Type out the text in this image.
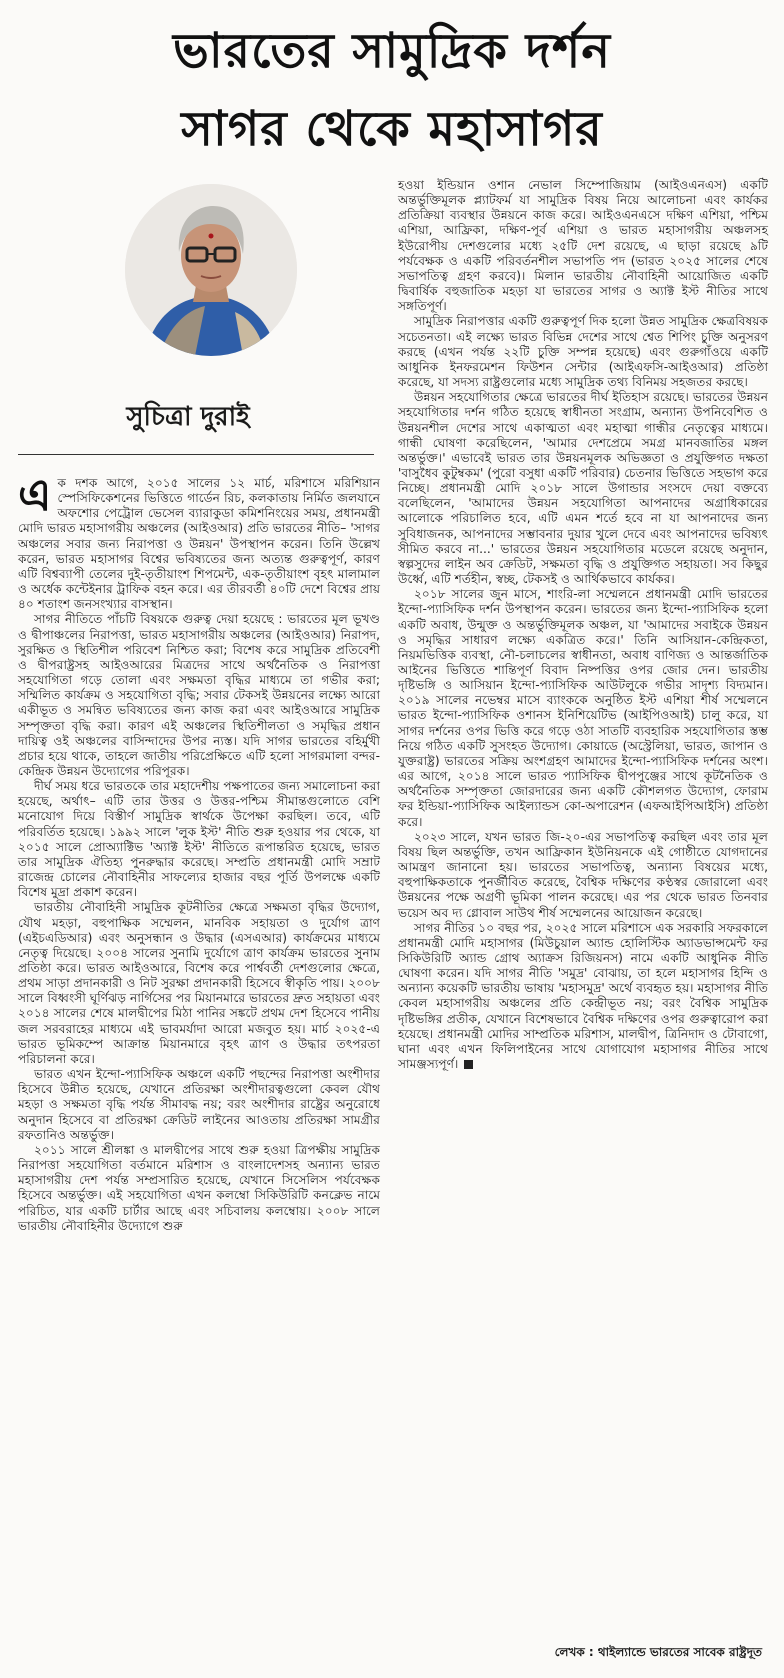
ভারতের সামুদ্রিক দর্শন
সাগর থেকে মহাসাগর
সুচিত্রা দুরাই

এক দশক আগে, ২০১৫ সালের ১২ মার্চ, মরিশাসে মরিশিয়ান স্পেসিফিকেশনের ভিত্তিতে গার্ডেন রিচ, কলকাতায় নির্মিত জলযানে অফশোর পেট্রোল ভেসেল ব্যারাকুডা কমিশনিংয়ের সময়, প্রধানমন্ত্রী মোদি ভারত মহাসাগরীয় অঞ্চলের (আইওআর) প্রতি ভারতের নীতি– 'সাগর অঞ্চলের সবার জন্য নিরাপত্তা ও উন্নয়ন' উপস্থাপন করেন। তিনি উল্লেখ করেন, ভারত মহাসাগর বিশ্বের ভবিষ্যতের জন্য অত্যন্ত গুরুত্বপূর্ণ, কারণ এটি বিশ্বব্যাপী তেলের দুই-তৃতীয়াংশ শিপমেন্ট, এক-তৃতীয়াংশ বৃহৎ মালামাল ও অর্ধেক কন্টেইনার ট্রাফিক বহন করে। এর তীরবর্তী ৪০টি দেশে বিশ্বের প্রায় ৪০ শতাংশ জনসংখ্যার বাসস্থান।

সাগর নীতিতে পাঁচটি বিষয়কে গুরুত্ব দেয়া হয়েছে : ভারতের মূল ভূখণ্ড ও দ্বীপাঞ্চলের নিরাপত্তা, ভারত মহাসাগরীয় অঞ্চলের (আইওআর) নিরাপদ, সুরক্ষিত ও স্থিতিশীল পরিবেশ নিশ্চিত করা; বিশেষ করে সামুদ্রিক প্রতিবেশী ও দ্বীপরাষ্ট্রসহ আইওআরের মিত্রদের সাথে অর্থনৈতিক ও নিরাপত্তা সহযোগিতা গড়ে তোলা এবং সক্ষমতা বৃদ্ধির মাধ্যমে তা গভীর করা; সম্মিলিত কার্যক্রম ও সহযোগিতা বৃদ্ধি; সবার টেকসই উন্নয়নের লক্ষ্যে আরো একীভূত ও সমন্বিত ভবিষ্যতের জন্য কাজ করা এবং আইওআরে সামুদ্রিক সম্পৃক্ততা বৃদ্ধি করা। কারণ এই অঞ্চলের স্থিতিশীলতা ও সমৃদ্ধির প্রধান দায়িত্ব ওই অঞ্চলের বাসিন্দাদের উপর ন্যস্ত। যদি সাগর ভারতের বহির্মুখী প্রচার হয়ে থাকে, তাহলে জাতীয় পরিপ্রেক্ষিতে এটি হলো সাগরমালা বন্দর-কেন্দ্রিক উন্নয়ন উদ্যোগের পরিপূরক।

দীর্ঘ সময় ধরে ভারতকে তার মহাদেশীয় পক্ষপাতের জন্য সমালোচনা করা হয়েছে, অর্থাৎ– এটি তার উত্তর ও উত্তর-পশ্চিম সীমান্তগুলোতে বেশি মনোযোগ দিয়ে বিস্তীর্ণ সামুদ্রিক স্বার্থকে উপেক্ষা করছিল। তবে, এটি পরিবর্তিত হয়েছে। ১৯৯২ সালে 'লুক ইস্ট' নীতি শুরু হওয়ার পর থেকে, যা ২০১৫ সালে প্রোঅ্যাক্টিভ 'অ্যাক্ট ইস্ট' নীতিতে রূপান্তরিত হয়েছে, ভারত তার সামুদ্রিক ঐতিহ্য পুনরুদ্ধার করেছে। সম্প্রতি প্রধানমন্ত্রী মোদি সম্রাট রাজেন্দ্র চোলের নৌবাহিনীর সাফল্যের হাজার বছর পূর্তি উপলক্ষে একটি বিশেষ মুদ্রা প্রকাশ করেন।

ভারতীয় নৌবাহিনী সামুদ্রিক কূটনীতির ক্ষেত্রে সক্ষমতা বৃদ্ধির উদ্যোগ, যৌথ মহড়া, বহুপাক্ষিক সম্মেলন, মানবিক সহায়তা ও দুর্যোগ ত্রাণ (এইচএডিআর) এবং অনুসন্ধান ও উদ্ধার (এসএআর) কার্যক্রমের মাধ্যমে নেতৃত্ব দিয়েছে। ২০০৪ সালের সুনামি দুর্যোগে ত্রাণ কার্যক্রম ভারতের সুনাম প্রতিষ্ঠা করে। ভারত আইওআরে, বিশেষ করে পার্শ্ববর্তী দেশগুলোর ক্ষেত্রে, প্রথম সাড়া প্রদানকারী ও নিট সুরক্ষা প্রদানকারী হিসেবে স্বীকৃতি পায়। ২০০৮ সালে বিধ্বংসী ঘূর্ণিঝড় নার্গিসের পর মিয়ানমারে ভারতের দ্রুত সহায়তা এবং ২০১৪ সালের শেষে মালদ্বীপের মিঠা পানির সঙ্কটে প্রথম দেশ হিসেবে পানীয় জল সরবরাহের মাধ্যমে এই ভাবমর্যাদা আরো মজবুত হয়। মার্চ ২০২৫-এ ভারত ভূমিকম্পে আক্রান্ত মিয়ানমারে বৃহৎ ত্রাণ ও উদ্ধার তৎপরতা পরিচালনা করে।

ভারত এখন ইন্দো-প্যাসিফিক অঞ্চলে একটি পছন্দের নিরাপত্তা অংশীদার হিসেবে উন্নীত হয়েছে, যেখানে প্রতিরক্ষা অংশীদারত্বগুলো কেবল যৌথ মহড়া ও সক্ষমতা বৃদ্ধি পর্যন্ত সীমাবদ্ধ নয়; বরং অংশীদার রাষ্ট্রের অনুরোধে অনুদান হিসেবে বা প্রতিরক্ষা ক্রেডিট লাইনের আওতায় প্রতিরক্ষা সামগ্রীর রফতানিও অন্তর্ভুক্ত।

২০১১ সালে শ্রীলঙ্কা ও মালদ্বীপের সাথে শুরু হওয়া ত্রিপক্ষীয় সামুদ্রিক নিরাপত্তা সহযোগিতা বর্তমানে মরিশাস ও বাংলাদেশসহ অন্যান্য ভারত মহাসাগরীয় দেশ পর্যন্ত সম্প্রসারিত হয়েছে, যেখানে সিসেলিস পর্যবেক্ষক হিসেবে অন্তর্ভুক্ত। এই সহযোগিতা এখন কলম্বো সিকিউরিটি কনক্লেভ নামে পরিচিত, যার একটি চার্টার আছে এবং সচিবালয় কলম্বোয়। ২০০৮ সালে ভারতীয় নৌবাহিনীর উদ্যোগে শুরু

হওয়া ইন্ডিয়ান ওশান নেভাল সিম্পোজিয়াম (আইওএনএস) একটি অন্তর্ভুক্তিমূলক প্ল্যাটফর্ম যা সামুদ্রিক বিষয় নিয়ে আলোচনা এবং কার্যকর প্রতিক্রিয়া ব্যবস্থার উন্নয়নে কাজ করে। আইওএনএসে দক্ষিণ এশিয়া, পশ্চিম এশিয়া, আফ্রিকা, দক্ষিণ-পূর্ব এশিয়া ও ভারত মহাসাগরীয় অঞ্চলসহ ইউরোপীয় দেশগুলোর মধ্যে ২৫টি দেশ রয়েছে, এ ছাড়া রয়েছে ৯টি পর্যবেক্ষক ও একটি পরিবর্তনশীল সভাপতি পদ (ভারত ২০২৫ সালের শেষে সভাপতিত্ব গ্রহণ করবে)। মিলান ভারতীয় নৌবাহিনী আয়োজিত একটি দ্বিবার্ষিক বহুজাতিক মহড়া যা ভারতের সাগর ও অ্যাক্ট ইস্ট নীতির সাথে সঙ্গতিপূর্ণ।

সামুদ্রিক নিরাপত্তার একটি গুরুত্বপূর্ণ দিক হলো উন্নত সামুদ্রিক ক্ষেত্রবিষয়ক সচেতনতা। এই লক্ষ্যে ভারত বিভিন্ন দেশের সাথে শ্বেত শিপিং চুক্তি অনুসরণ করছে (এখন পর্যন্ত ২২টি চুক্তি সম্পন্ন হয়েছে) এবং গুরুগাঁওয়ে একটি আধুনিক ইনফরমেশন ফিউশন সেন্টার (আইএফসি-আইওআর) প্রতিষ্ঠা করেছে, যা সদস্য রাষ্ট্রগুলোর মধ্যে সামুদ্রিক তথ্য বিনিময় সহজতর করছে।

উন্নয়ন সহযোগিতার ক্ষেত্রে ভারতের দীর্ঘ ইতিহাস রয়েছে। ভারতের উন্নয়ন সহযোগিতার দর্শন গঠিত হয়েছে স্বাধীনতা সংগ্রাম, অন্যান্য উপনিবেশিত ও উন্নয়নশীল দেশের সাথে একাত্মতা এবং মহাত্মা গান্ধীর নেতৃত্বের মাধ্যমে। গান্ধী ঘোষণা করেছিলেন, 'আমার দেশপ্রেমে সমগ্র মানবজাতির মঙ্গল অন্তর্ভুক্ত।' এভাবেই ভারত তার উন্নয়নমূলক অভিজ্ঞতা ও প্রযুক্তিগত দক্ষতা 'বাসুধৈব কুটুম্বকম' (পুরো বসুধা একটি পরিবার) চেতনার ভিত্তিতে সহভাগ করে নিচ্ছে। প্রধানমন্ত্রী মোদি ২০১৮ সালে উগান্ডার সংসদে দেয়া বক্তব্যে বলেছিলেন, 'আমাদের উন্নয়ন সহযোগিতা আপনাদের অগ্রাধিকারের আলোকে পরিচালিত হবে, এটি এমন শর্তে হবে না যা আপনাদের জন্য সুবিধাজনক, আপনাদের সম্ভাবনার দুয়ার খুলে দেবে এবং আপনাদের ভবিষ্যৎ সীমিত করবে না...' ভারতের উন্নয়ন সহযোগিতার মডেলে রয়েছে অনুদান, স্বল্পসুদের লাইন অব ক্রেডিট, সক্ষমতা বৃদ্ধি ও প্রযুক্তিগত সহায়তা। সব কিছুর উর্ধ্বে, এটি শর্তহীন, স্বচ্ছ, টেকসই ও আর্থিকভাবে কার্যকর।

২০১৮ সালের জুন মাসে, শাংরি-লা সম্মেলনে প্রধানমন্ত্রী মোদি ভারতের ইন্দো-প্যাসিফিক দর্শন উপস্থাপন করেন। ভারতের জন্য ইন্দো-প্যাসিফিক হলো একটি অবাধ, উন্মুক্ত ও অন্তর্ভুক্তিমূলক অঞ্চল, যা 'আমাদের সবাইকে উন্নয়ন ও সমৃদ্ধির সাধারণ লক্ষ্যে একত্রিত করে।' তিনি আসিয়ান-কেন্দ্রিকতা, নিয়মভিত্তিক ব্যবস্থা, নৌ-চলাচলের স্বাধীনতা, অবাধ বাণিজ্য ও আন্তর্জাতিক আইনের ভিত্তিতে শান্তিপূর্ণ বিবাদ নিষ্পত্তির ওপর জোর দেন। ভারতীয় দৃষ্টিভঙ্গি ও আসিয়ান ইন্দো-প্যাসিফিক আউটলুকে গভীর সাদৃশ্য বিদ্যমান। ২০১৯ সালের নভেম্বর মাসে ব্যাংককে অনুষ্ঠিত ইস্ট এশিয়া শীর্ষ সম্মেলনে ভারত ইন্দো-প্যাসিফিক ওশানস ইনিশিয়েটিভ (আইপিওআই) চালু করে, যা সাগর দর্শনের ওপর ভিত্তি করে গড়ে ওঠা সাতটি ব্যবহারিক সহযোগিতার স্তম্ভ নিয়ে গঠিত একটি সুসংহত উদ্যোগ। কোয়াডে (অস্ট্রেলিয়া, ভারত, জাপান ও যুক্তরাষ্ট্র) ভারতের সক্রিয় অংশগ্রহণ আমাদের ইন্দো-প্যাসিফিক দর্শনের অংশ। এর আগে, ২০১৪ সালে ভারত প্যাসিফিক দ্বীপপুঞ্জের সাথে কূটনৈতিক ও অর্থনৈতিক সম্পৃক্ততা জোরদারের জন্য একটি কৌশলগত উদ্যোগ, ফোরাম ফর ইন্ডিয়া-প্যাসিফিক আইল্যান্ডস কো-অপারেশন (এফআইপিআইসি) প্রতিষ্ঠা করে।

২০২৩ সালে, যখন ভারত জি-২০-এর সভাপতিত্ব করছিল এবং তার মূল বিষয় ছিল অন্তর্ভুক্তি, তখন আফ্রিকান ইউনিয়নকে এই গোষ্ঠীতে যোগদানের আমন্ত্রণ জানানো হয়। ভারতের সভাপতিত্ব, অন্যান্য বিষয়ের মধ্যে, বহুপাক্ষিকতাকে পুনর্জীবিত করেছে, বৈশ্বিক দক্ষিণের কণ্ঠস্বর জোরালো এবং উন্নয়নের পক্ষে অগ্রণী ভূমিকা পালন করেছে। এর পর থেকে ভারত তিনবার ভয়েস অব দ্য গ্লোবাল সাউথ শীর্ষ সম্মেলনের আয়োজন করেছে।

সাগর নীতির ১০ বছর পর, ২০২৫ সালে মরিশাসে এক সরকারি সফরকালে প্রধানমন্ত্রী মোদি মহাসাগর (মিউচুয়াল অ্যান্ড হোলিস্টিক অ্যাডভান্সমেন্ট ফর সিকিউরিটি অ্যান্ড গ্রোথ অ্যাক্রস রিজিয়নস) নামে একটি আধুনিক নীতি ঘোষণা করেন। যদি সাগর নীতি 'সমুদ্র' বোঝায়, তা হলে মহাসাগর হিন্দি ও অন্যান্য কয়েকটি ভারতীয় ভাষায় 'মহাসমুদ্র' অর্থে ব্যবহৃত হয়। মহাসাগর নীতি কেবল মহাসাগরীয় অঞ্চলের প্রতি কেন্দ্রীভূত নয়; বরং বৈশ্বিক সামুদ্রিক দৃষ্টিভঙ্গির প্রতীক, যেখানে বিশেষভাবে বৈশ্বিক দক্ষিণের ওপর গুরুত্বারোপ করা হয়েছে। প্রধানমন্ত্রী মোদির সাম্প্রতিক মরিশাস, মালদ্বীপ, ত্রিনিদাদ ও টোবাগো, ঘানা এবং এখন ফিলিপাইনের সাথে যোগাযোগ মহাসাগর নীতির সাথে সামঞ্জস্যপূর্ণ।

লেখক : থাইল্যান্ডে ভারতের সাবেক রাষ্ট্রদূত
